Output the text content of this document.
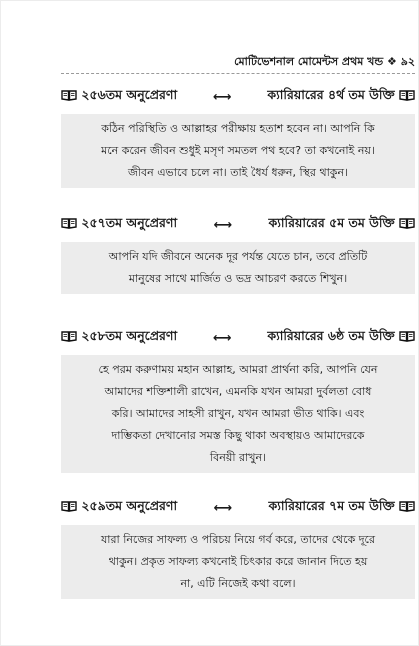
মোটিভেশনাল মোমেন্টস প্রথম খন্ড ❖ ৯২
২৫৬তম অনুপ্রেরণা	⟷	ক্যারিয়ারের ৪র্থ তম উক্তি
কঠিন পরিস্থিতি ও আল্লাহর পরীক্ষায় হতাশ হবেন না। আপনি কি
মনে করেন জীবন শুধুই মসৃণ সমতল পথ হবে? তা কখনোই নয়।
জীবন এভাবে চলে না। তাই ধৈর্য ধরুন, স্থির থাকুন।
২৫৭তম অনুপ্রেরণা	⟷	ক্যারিয়ারের ৫ম তম উক্তি
আপনি যদি জীবনে অনেক দূর পর্যন্ত যেতে চান, তবে প্রতিটি
মানুষের সাথে মার্জিত ও ভদ্র আচরণ করতে শিখুন।
২৫৮তম অনুপ্রেরণা	⟷	ক্যারিয়ারের ৬ষ্ঠ তম উক্তি
হে পরম করুণাময় মহান আল্লাহ, আমরা প্রার্থনা করি, আপনি যেন
আমাদের শক্তিশালী রাখেন, এমনকি যখন আমরা দুর্বলতা বোধ
করি। আমাদের সাহসী রাখুন, যখন আমরা ভীত থাকি। এবং
দাম্ভিকতা দেখানোর সমস্ত কিছু থাকা অবস্থায়ও আমাদেরকে
বিনয়ী রাখুন।
২৫৯তম অনুপ্রেরণা	⟷	ক্যারিয়ারের ৭ম তম উক্তি
যারা নিজের সাফল্য ও পরিচয় নিয়ে গর্ব করে, তাদের থেকে দূরে
থাকুন। প্রকৃত সাফল্য কখনোই চিৎকার করে জানান দিতে হয়
না, এটি নিজেই কথা বলে।
